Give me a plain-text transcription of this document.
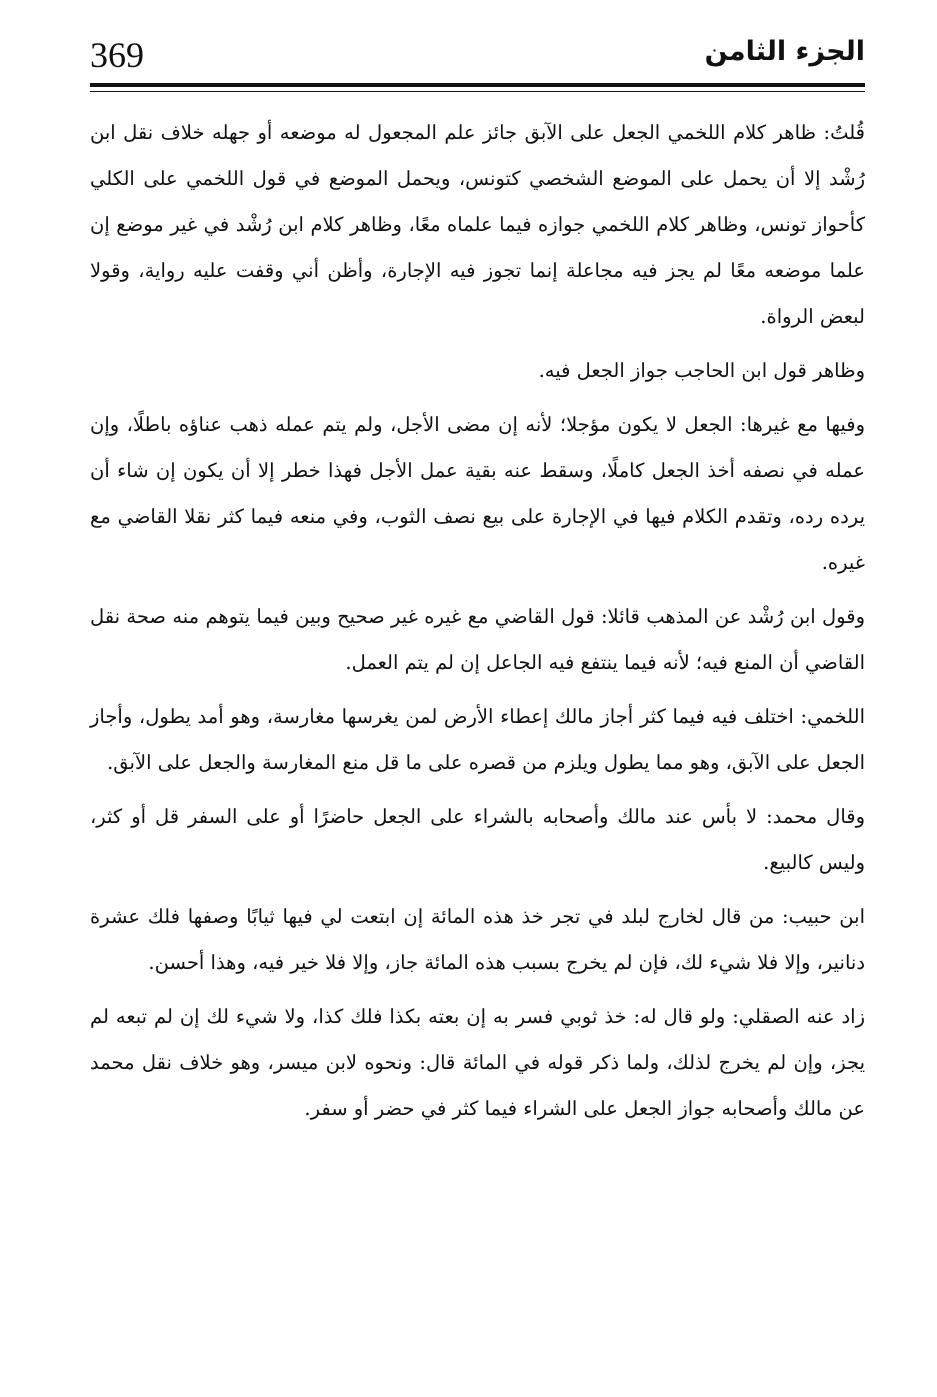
369	الجزء الثامن

قُلتُ: ظاهر كلام اللخمي الجعل على الآبق جائز علم المجعول له موضعه أو جهله خلاف نقل ابن رُشْد إلا أن يحمل على الموضع الشخصي كتونس، ويحمل الموضع في قول اللخمي على الكلي كأحواز تونس، وظاهر كلام اللخمي جوازه فيما علماه معًا، وظاهر كلام ابن رُشْد في غير موضع إن علما موضعه معًا لم يجز فيه مجاعلة إنما تجوز فيه الإجارة، وأظن أني وقفت عليه رواية، وقولا لبعض الرواة.

وظاهر قول ابن الحاجب جواز الجعل فيه.

وفيها مع غيرها: الجعل لا يكون مؤجلا؛ لأنه إن مضى الأجل، ولم يتم عمله ذهب عناؤه باطلًا، وإن عمله في نصفه أخذ الجعل كاملًا، وسقط عنه بقية عمل الأجل فهذا خطر إلا أن يكون إن شاء أن يرده رده، وتقدم الكلام فيها في الإجارة على بيع نصف الثوب، وفي منعه فيما كثر نقلا القاضي مع غيره.

وقول ابن رُشْد عن المذهب قائلا: قول القاضي مع غيره غير صحيح وبين فيما يتوهم منه صحة نقل القاضي أن المنع فيه؛ لأنه فيما ينتفع فيه الجاعل إن لم يتم العمل.

اللخمي: اختلف فيه فيما كثر أجاز مالك إعطاء الأرض لمن يغرسها مغارسة، وهو أمد يطول، وأجاز الجعل على الآبق، وهو مما يطول ويلزم من قصره على ما قل منع المغارسة والجعل على الآبق.

وقال محمد: لا بأس عند مالك وأصحابه بالشراء على الجعل حاضرًا أو على السفر قل أو كثر، وليس كالبيع.

ابن حبيب: من قال لخارج لبلد في تجر خذ هذه المائة إن ابتعت لي فيها ثيابًا وصفها فلك عشرة دنانير، وإلا فلا شيء لك، فإن لم يخرج بسبب هذه المائة جاز، وإلا فلا خير فيه، وهذا أحسن.

زاد عنه الصقلي: ولو قال له: خذ ثوبي فسر به إن بعته بكذا فلك كذا، ولا شيء لك إن لم تبعه لم يجز، وإن لم يخرج لذلك، ولما ذكر قوله في المائة قال: ونحوه لابن ميسر، وهو خلاف نقل محمد عن مالك وأصحابه جواز الجعل على الشراء فيما كثر في حضر أو سفر.
